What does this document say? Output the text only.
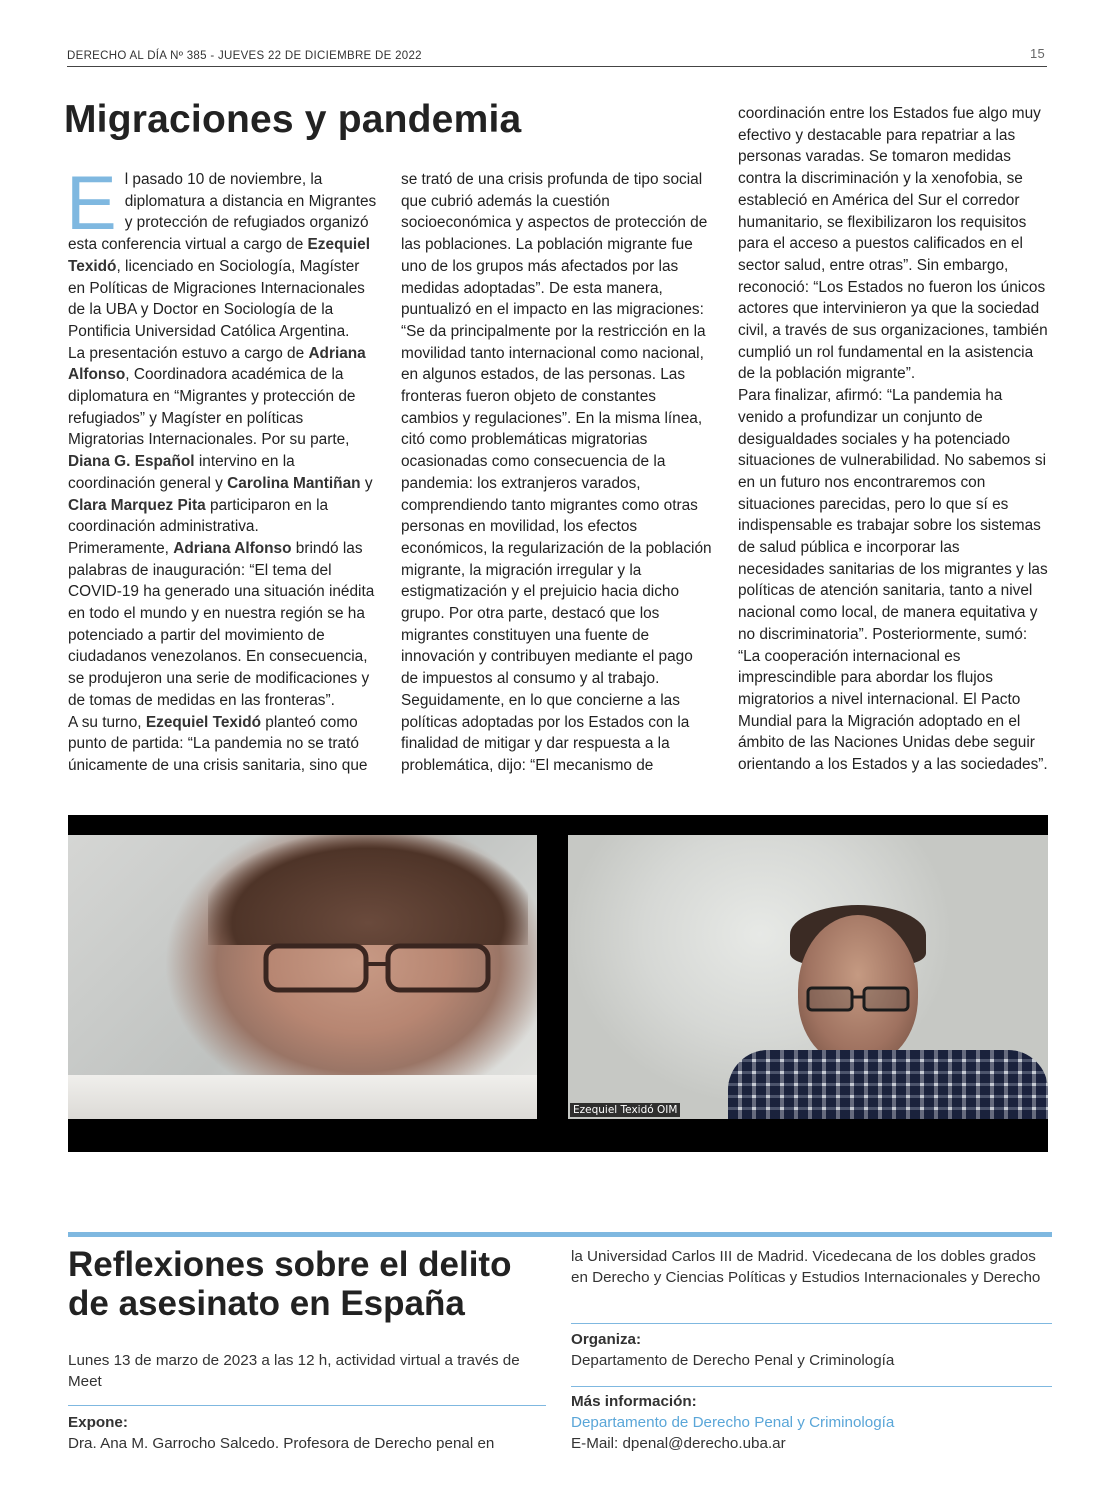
DERECHO AL DÍA Nº 385 - JUEVES 22 DE DICIEMBRE DE 2022	15
Migraciones y pandemia
E l pasado 10 de noviembre, la diplomatura a distancia en Migrantes y protección de refugiados organizó esta conferencia virtual a cargo de Ezequiel Texidó, licenciado en Sociología, Magíster en Políticas de Migraciones Internacionales de la UBA y Doctor en Sociología de la Pontificia Universidad Católica Argentina.

La presentación estuvo a cargo de Adriana Alfonso, Coordinadora académica de la diplomatura en “Migrantes y protección de refugiados” y Magíster en políticas Migratorias Internacionales. Por su parte, Diana G. Español intervino en la coordinación general y Carolina Mantiñan y Clara Marquez Pita participaron en la coordinación administrativa.

Primeramente, Adriana Alfonso brindó las palabras de inauguración: “El tema del COVID-19 ha generado una situación inédita en todo el mundo y en nuestra región se ha potenciado a partir del movimiento de ciudadanos venezolanos. En consecuencia, se produjeron una serie de modificaciones y de tomas de medidas en las fronteras”.

A su turno, Ezequiel Texidó planteó como punto de partida: “La pandemia no se trató únicamente de una crisis sanitaria, sino que

se trató de una crisis profunda de tipo social que cubrió además la cuestión socioeconómica y aspectos de protección de las poblaciones. La población migrante fue uno de los grupos más afectados por las medidas adoptadas”. De esta manera, puntualizó en el impacto en las migraciones: “Se da principalmente por la restricción en la movilidad tanto internacional como nacional, en algunos estados, de las personas. Las fronteras fueron objeto de constantes cambios y regulaciones”. En la misma línea, citó como problemáticas migratorias ocasionadas como consecuencia de la pandemia: los extranjeros varados, comprendiendo tanto migrantes como otras personas en movilidad, los efectos económicos, la regularización de la población migrante, la migración irregular y la estigmatización y el prejuicio hacia dicho grupo. Por otra parte, destacó que los migrantes constituyen una fuente de innovación y contribuyen mediante el pago de impuestos al consumo y al trabajo.

Seguidamente, en lo que concierne a las políticas adoptadas por los Estados con la finalidad de mitigar y dar respuesta a la problemática, dijo: “El mecanismo de

coordinación entre los Estados fue algo muy efectivo y destacable para repatriar a las personas varadas. Se tomaron medidas contra la discriminación y la xenofobia, se estableció en América del Sur el corredor humanitario, se flexibilizaron los requisitos para el acceso a puestos calificados en el sector salud, entre otras”. Sin embargo, reconoció: “Los Estados no fueron los únicos actores que intervinieron ya que la sociedad civil, a través de sus organizaciones, también cumplió un rol fundamental en la asistencia de la población migrante”.

Para finalizar, afirmó: “La pandemia ha venido a profundizar un conjunto de desigualdades sociales y ha potenciado situaciones de vulnerabilidad. No sabemos si en un futuro nos encontraremos con situaciones parecidas, pero lo que sí es indispensable es trabajar sobre los sistemas de salud pública e incorporar las necesidades sanitarias de los migrantes y las políticas de atención sanitaria, tanto a nivel nacional como local, de manera equitativa y no discriminatoria”. Posteriormente, sumó: “La cooperación internacional es imprescindible para abordar los flujos migratorios a nivel internacional. El Pacto Mundial para la Migración adoptado en el ámbito de las Naciones Unidas debe seguir orientando a los Estados y a las sociedades”.

Ezequiel Texidó OIM
Reflexiones sobre el delito de asesinato en España
Lunes 13 de marzo de 2023 a las 12 h, actividad virtual a través de Meet
Expone:
Dra. Ana M. Garrocho Salcedo. Profesora de Derecho penal en
la Universidad Carlos III de Madrid. Vicedecana de los dobles grados en Derecho y Ciencias Políticas y Estudios Internacionales y Derecho
Organiza:
Departamento de Derecho Penal y Criminología
Más información:
Departamento de Derecho Penal y Criminología
E-Mail: dpenal@derecho.uba.ar
